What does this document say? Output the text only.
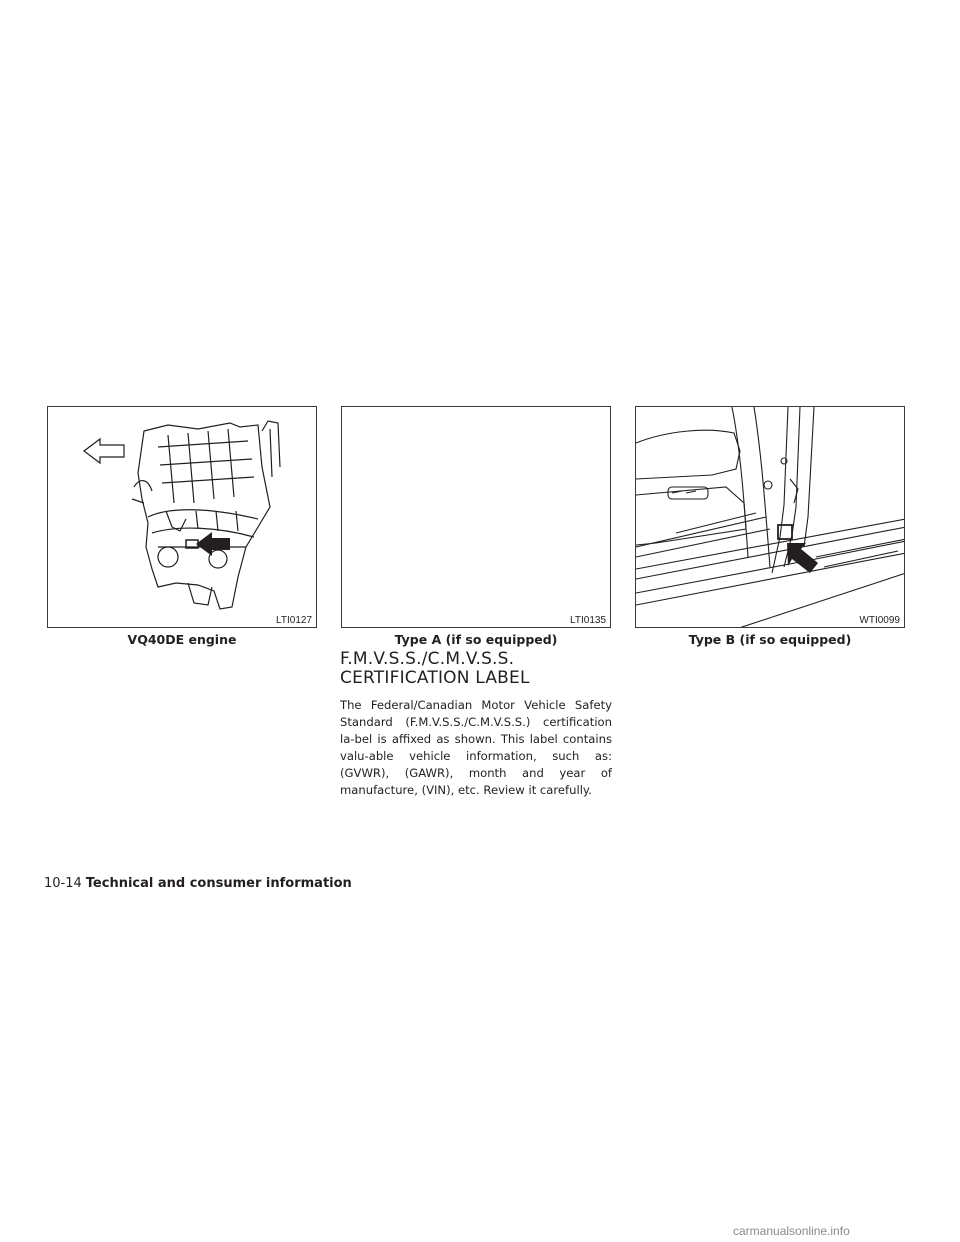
LTI0127
VQ40DE engine
LTI0135
Type A (if so equipped)
WTI0099
Type B (if so equipped)
F.M.V.S.S./C.M.V.S.S.
CERTIFICATION LABEL

The Federal/Canadian Motor Vehicle Safety Standard (F.M.V.S.S./C.M.V.S.S.) certification la-bel is affixed as shown. This label contains valu-able vehicle information, such as: (GVWR), (GAWR), month and year of manufacture, (VIN), etc. Review it carefully.

10-14 Technical and consumer information
carmanualsonline.info
